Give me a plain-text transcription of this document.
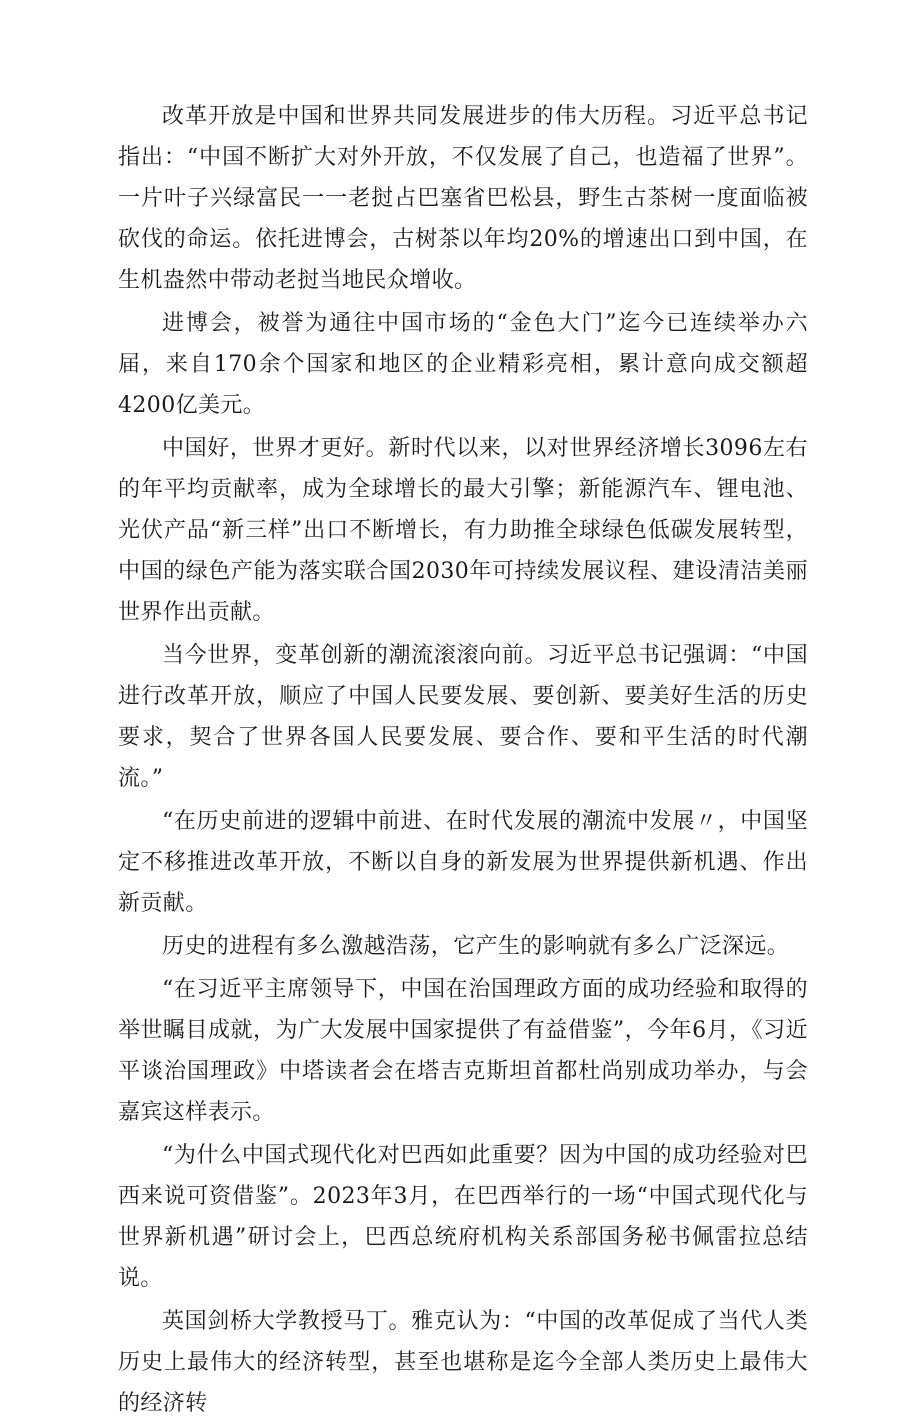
改革开放是中国和世界共同发展进步的伟大历程。习近平总书记指出：“中国不断扩大对外开放，不仅发展了自己，也造福了世界”。一片叶子兴绿富民一一老挝占巴塞省巴松县，野生古茶树一度面临被砍伐的命运。依托进博会，古树茶以年均20%的增速出口到中国，在生机盎然中带动老挝当地民众增收。

进博会，被誉为通往中国市场的“金色大门”迄今已连续举办六届，来自170余个国家和地区的企业精彩亮相，累计意向成交额超4200亿美元。

中国好，世界才更好。新时代以来，以对世界经济增长3096左右的年平均贡献率，成为全球增长的最大引擎；新能源汽车、锂电池、光伏产品“新三样”出口不断增长，有力助推全球绿色低碳发展转型，中国的绿色产能为落实联合国2030年可持续发展议程、建设清洁美丽世界作出贡献。

当今世界，变革创新的潮流滚滚向前。习近平总书记强调：“中国进行改革开放，顺应了中国人民要发展、要创新、要美好生活的历史要求，契合了世界各国人民要发展、要合作、要和平生活的时代潮流。”

“在历史前进的逻辑中前进、在时代发展的潮流中发展〃，中国坚定不移推进改革开放，不断以自身的新发展为世界提供新机遇、作出新贡献。

历史的进程有多么激越浩荡，它产生的影响就有多么广泛深远。

“在习近平主席领导下，中国在治国理政方面的成功经验和取得的举世瞩目成就，为广大发展中国家提供了有益借鉴”，今年6月，《习近平谈治国理政》中塔读者会在塔吉克斯坦首都杜尚别成功举办，与会嘉宾这样表示。

“为什么中国式现代化对巴西如此重要？因为中国的成功经验对巴西来说可资借鉴”。2023年3月，在巴西举行的一场“中国式现代化与世界新机遇”研讨会上，巴西总统府机构关系部国务秘书佩雷拉总结说。

英国剑桥大学教授马丁。雅克认为：“中国的改革促成了当代人类历史上最伟大的经济转型，甚至也堪称是迄今全部人类历史上最伟大的经济转
